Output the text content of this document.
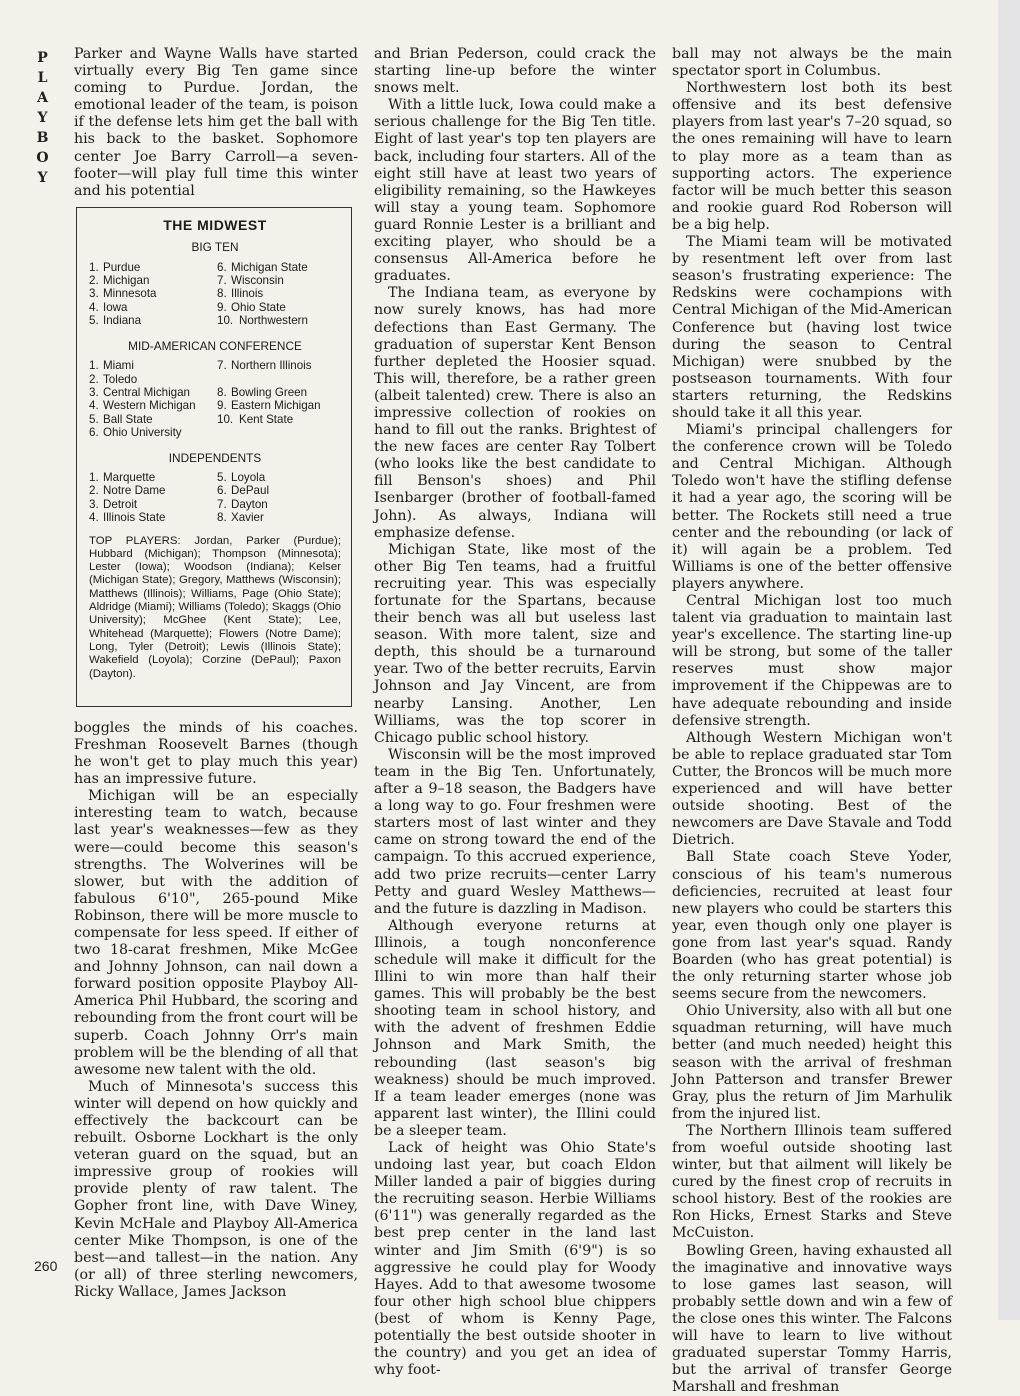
P
L
A
Y
B
O
Y
260

Parker and Wayne Walls have started virtually every Big Ten game since coming to Purdue. Jordan, the emotional leader of the team, is poison if the defense lets him get the ball with his back to the basket. Sophomore center Joe Barry Carroll—a seven-footer—will play full time this winter and his potential

THE MIDWEST
BIG TEN
1. Purdue	6. Michigan State
2. Michigan	7. Wisconsin
3. Minnesota	8. Illinois
4. Iowa	9. Ohio State
5. Indiana	10. Northwestern
MID-AMERICAN CONFERENCE
1. Miami	7. Northern Illinois
2. Toledo
3. Central Michigan 8. Bowling Green
4. Western Michigan 9. Eastern Michigan
5. Ball State	10. Kent State
6. Ohio University
INDEPENDENTS
1. Marquette	5. Loyola
2. Notre Dame	6. DePaul
3. Detroit	7. Dayton
4. Illinois State	8. Xavier
TOP PLAYERS: Jordan, Parker (Purdue); Hubbard (Michigan); Thompson (Minnesota); Lester (Iowa); Woodson (Indiana); Kelser (Michigan State); Gregory, Matthews (Wisconsin); Matthews (Illinois); Williams, Page (Ohio State); Aldridge (Miami); Williams (Toledo); Skaggs (Ohio University); McGhee (Kent State); Lee, Whitehead (Marquette); Flowers (Notre Dame); Long, Tyler (Detroit); Lewis (Illinois State); Wakefield (Loyola); Corzine (DePaul); Paxon (Dayton).

boggles the minds of his coaches. Freshman Roosevelt Barnes (though he won't get to play much this year) has an impressive future.

Michigan will be an especially interesting team to watch, because last year's weaknesses—few as they were—could become this season's strengths. The Wolverines will be slower, but with the addition of fabulous 6'10", 265-pound Mike Robinson, there will be more muscle to compensate for less speed. If either of two 18-carat freshmen, Mike McGee and Johnny Johnson, can nail down a forward position opposite Playboy All-America Phil Hubbard, the scoring and rebounding from the front court will be superb. Coach Johnny Orr's main problem will be the blending of all that awesome new talent with the old.

Much of Minnesota's success this winter will depend on how quickly and effectively the backcourt can be rebuilt. Osborne Lockhart is the only veteran guard on the squad, but an impressive group of rookies will provide plenty of raw talent. The Gopher front line, with Dave Winey, Kevin McHale and Playboy All-America center Mike Thompson, is one of the best—and tallest—in the nation. Any (or all) of three sterling newcomers, Ricky Wallace, James Jackson

and Brian Pederson, could crack the starting line-up before the winter snows melt.

With a little luck, Iowa could make a serious challenge for the Big Ten title. Eight of last year's top ten players are back, including four starters. All of the eight still have at least two years of eligibility remaining, so the Hawkeyes will stay a young team. Sophomore guard Ronnie Lester is a brilliant and exciting player, who should be a consensus All-America before he graduates.

The Indiana team, as everyone by now surely knows, has had more defections than East Germany. The graduation of superstar Kent Benson further depleted the Hoosier squad. This will, therefore, be a rather green (albeit talented) crew. There is also an impressive collection of rookies on hand to fill out the ranks. Brightest of the new faces are center Ray Tolbert (who looks like the best candidate to fill Benson's shoes) and Phil Isenbarger (brother of football-famed John). As always, Indiana will emphasize defense.

Michigan State, like most of the other Big Ten teams, had a fruitful recruiting year. This was especially fortunate for the Spartans, because their bench was all but useless last season. With more talent, size and depth, this should be a turnaround year. Two of the better recruits, Earvin Johnson and Jay Vincent, are from nearby Lansing. Another, Len Williams, was the top scorer in Chicago public school history.

Wisconsin will be the most improved team in the Big Ten. Unfortunately, after a 9–18 season, the Badgers have a long way to go. Four freshmen were starters most of last winter and they came on strong toward the end of the campaign. To this accrued experience, add two prize recruits—center Larry Petty and guard Wesley Matthews—and the future is dazzling in Madison.

Although everyone returns at Illinois, a tough nonconference schedule will make it difficult for the Illini to win more than half their games. This will probably be the best shooting team in school history, and with the advent of freshmen Eddie Johnson and Mark Smith, the rebounding (last season's big weakness) should be much improved. If a team leader emerges (none was apparent last winter), the Illini could be a sleeper team.

Lack of height was Ohio State's undoing last year, but coach Eldon Miller landed a pair of biggies during the recruiting season. Herbie Williams (6'11") was generally regarded as the best prep center in the land last winter and Jim Smith (6'9") is so aggressive he could play for Woody Hayes. Add to that awesome twosome four other high school blue chippers (best of whom is Kenny Page, potentially the best outside shooter in the country) and you get an idea of why foot-

ball may not always be the main spectator sport in Columbus.

Northwestern lost both its best offensive and its best defensive players from last year's 7–20 squad, so the ones remaining will have to learn to play more as a team than as supporting actors. The experience factor will be much better this season and rookie guard Rod Roberson will be a big help.

The Miami team will be motivated by resentment left over from last season's frustrating experience: The Redskins were cochampions with Central Michigan of the Mid-American Conference but (having lost twice during the season to Central Michigan) were snubbed by the postseason tournaments. With four starters returning, the Redskins should take it all this year.

Miami's principal challengers for the conference crown will be Toledo and Central Michigan. Although Toledo won't have the stifling defense it had a year ago, the scoring will be better. The Rockets still need a true center and the rebounding (or lack of it) will again be a problem. Ted Williams is one of the better offensive players anywhere.

Central Michigan lost too much talent via graduation to maintain last year's excellence. The starting line-up will be strong, but some of the taller reserves must show major improvement if the Chippewas are to have adequate rebounding and inside defensive strength.

Although Western Michigan won't be able to replace graduated star Tom Cutter, the Broncos will be much more experienced and will have better outside shooting. Best of the newcomers are Dave Stavale and Todd Dietrich.

Ball State coach Steve Yoder, conscious of his team's numerous deficiencies, recruited at least four new players who could be starters this year, even though only one player is gone from last year's squad. Randy Boarden (who has great potential) is the only returning starter whose job seems secure from the newcomers.

Ohio University, also with all but one squadman returning, will have much better (and much needed) height this season with the arrival of freshman John Patterson and transfer Brewer Gray, plus the return of Jim Marhulik from the injured list.

The Northern Illinois team suffered from woeful outside shooting last winter, but that ailment will likely be cured by the finest crop of recruits in school history. Best of the rookies are Ron Hicks, Ernest Starks and Steve McCuiston.

Bowling Green, having exhausted all the imaginative and innovative ways to lose games last season, will probably settle down and win a few of the close ones this winter. The Falcons will have to learn to live without graduated superstar Tommy Harris, but the arrival of transfer George Marshall and freshman
